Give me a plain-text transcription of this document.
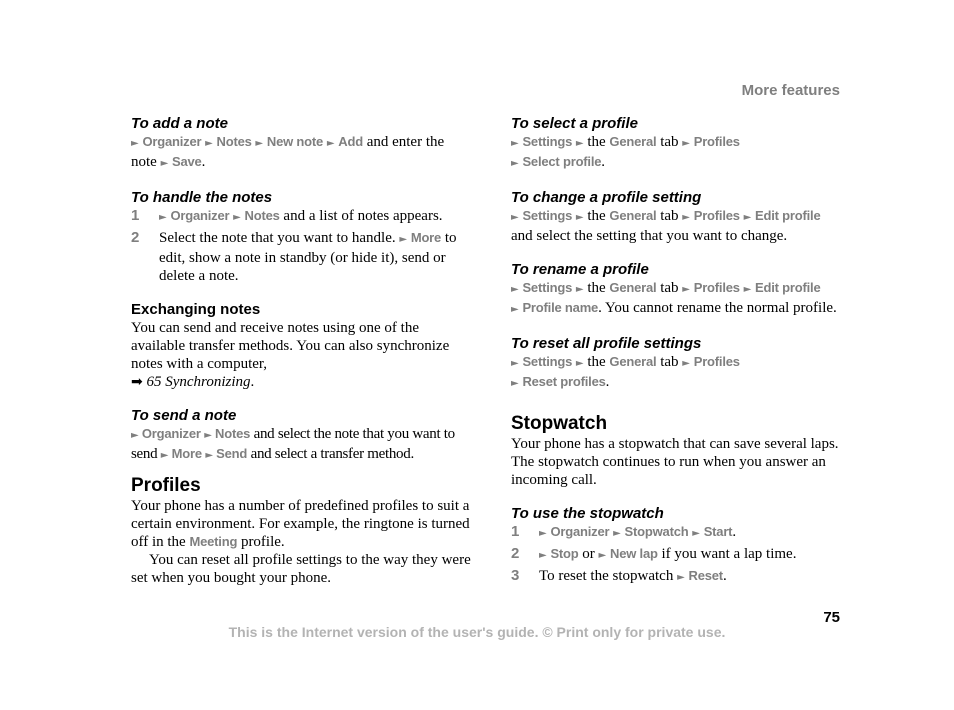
More features

To add a note

► Organizer ► Notes ► New note ► Add and enter the note ► Save.

To handle the notes

1	► Organizer ► Notes and a list of notes appears.

2	Select the note that you want to handle. ► More to edit, show a note in standby (or hide it), send or delete a note.

Exchanging notes

You can send and receive notes using one of the available transfer methods. You can also synchronize notes with a computer,
➡ 65 Synchronizing.

To send a note

► Organizer ► Notes and select the note that you want to send ► More ► Send and select a transfer method.

Profiles

Your phone has a number of predefined profiles to suit a certain environment. For example, the ringtone is turned off in the Meeting profile.

You can reset all profile settings to the way they were set when you bought your phone.

To select a profile

► Settings ► the General tab ► Profiles
► Select profile.

To change a profile setting

► Settings ► the General tab ► Profiles ► Edit profile
and select the setting that you want to change.

To rename a profile

► Settings ► the General tab ► Profiles ► Edit profile
► Profile name. You cannot rename the normal profile.

To reset all profile settings

► Settings ► the General tab ► Profiles
► Reset profiles.

Stopwatch

Your phone has a stopwatch that can save several laps. The stopwatch continues to run when you answer an incoming call.

To use the stopwatch

1	► Organizer ► Stopwatch ► Start.

2	► Stop or ► New lap if you want a lap time.

3	To reset the stopwatch ► Reset.

75
This is the Internet version of the user's guide. © Print only for private use.
